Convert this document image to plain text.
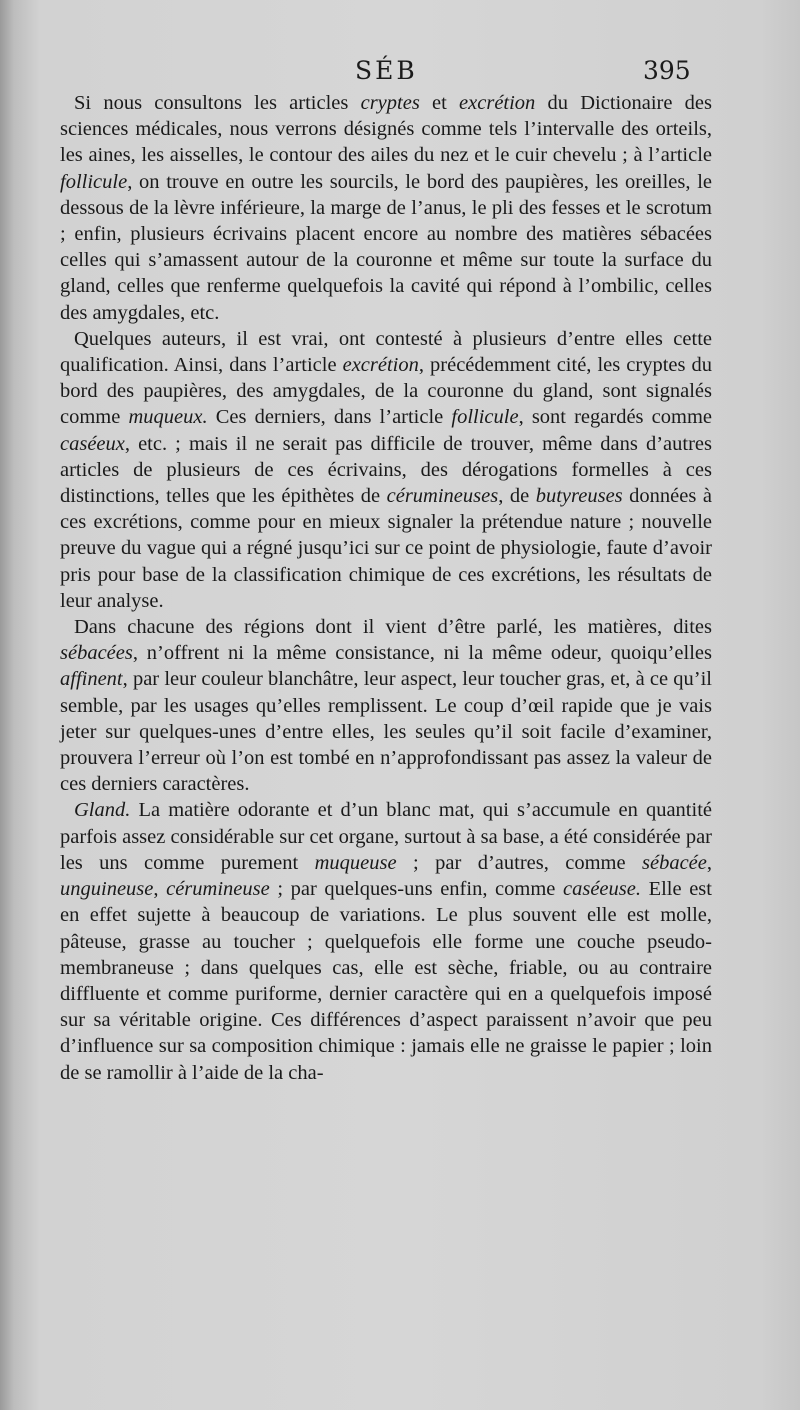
SÉB	395

Si nous consultons les articles cryptes et excrétion du Dictionaire des sciences médicales, nous verrons désignés comme tels l’intervalle des orteils, les aines, les aisselles, le contour des ailes du nez et le cuir chevelu ; à l’article follicule, on trouve en outre les sourcils, le bord des paupières, les oreilles, le dessous de la lèvre inférieure, la marge de l’anus, le pli des fesses et le scrotum ; enfin, plusieurs écrivains placent encore au nombre des matières sébacées celles qui s’amassent autour de la couronne et même sur toute la surface du gland, celles que renferme quelquefois la cavité qui répond à l’ombilic, celles des amygdales, etc.

Quelques auteurs, il est vrai, ont contesté à plusieurs d’entre elles cette qualification. Ainsi, dans l’article excrétion, précédemment cité, les cryptes du bord des paupières, des amygdales, de la couronne du gland, sont signalés comme muqueux. Ces derniers, dans l’article follicule, sont regardés comme caséeux, etc. ; mais il ne serait pas difficile de trouver, même dans d’autres articles de plusieurs de ces écrivains, des dérogations formelles à ces distinctions, telles que les épithètes de cérumineuses, de butyreuses données à ces excrétions, comme pour en mieux signaler la prétendue nature ; nouvelle preuve du vague qui a régné jusqu’ici sur ce point de physiologie, faute d’avoir pris pour base de la classification chimique de ces excrétions, les résultats de leur analyse.

Dans chacune des régions dont il vient d’être parlé, les matières, dites sébacées, n’offrent ni la même consistance, ni la même odeur, quoiqu’elles affinent, par leur couleur blanchâtre, leur aspect, leur toucher gras, et, à ce qu’il semble, par les usages qu’elles remplissent. Le coup d’œil rapide que je vais jeter sur quelques-unes d’entre elles, les seules qu’il soit facile d’examiner, prouvera l’erreur où l’on est tombé en n’approfondissant pas assez la valeur de ces derniers caractères.

Gland. La matière odorante et d’un blanc mat, qui s’accumule en quantité parfois assez considérable sur cet organe, surtout à sa base, a été considérée par les uns comme purement muqueuse ; par d’autres, comme sébacée, unguineuse, cérumineuse ; par quelques-uns enfin, comme caséeuse. Elle est en effet sujette à beaucoup de variations. Le plus souvent elle est molle, pâteuse, grasse au toucher ; quelquefois elle forme une couche pseudo-membraneuse ; dans quelques cas, elle est sèche, friable, ou au contraire diffluente et comme puriforme, dernier caractère qui en a quelquefois imposé sur sa véritable origine. Ces différences d’aspect paraissent n’avoir que peu d’influence sur sa composition chimique : jamais elle ne graisse le papier ; loin de se ramollir à l’aide de la cha-
